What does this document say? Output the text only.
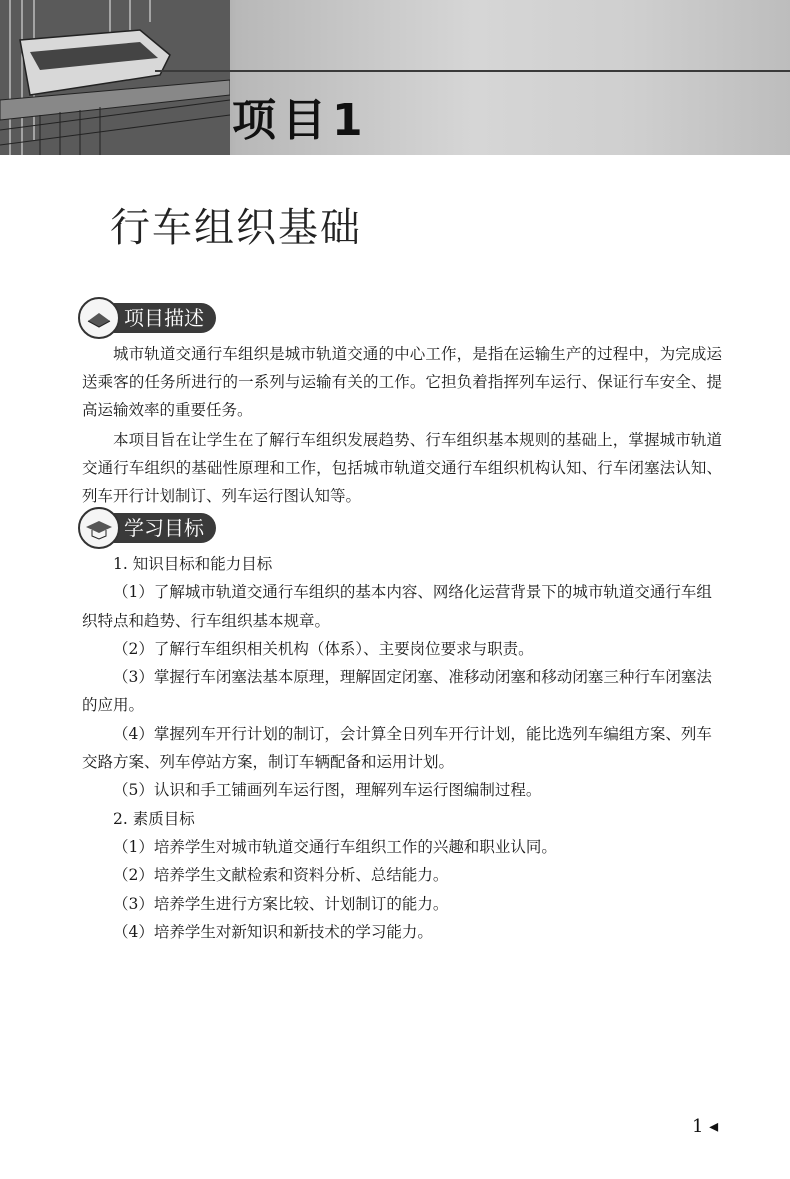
项目1
行车组织基础
项目描述

城市轨道交通行车组织是城市轨道交通的中心工作，是指在运输生产的过程中，为完成运送乘客的任务所进行的一系列与运输有关的工作。它担负着指挥列车运行、保证行车安全、提高运输效率的重要任务。

本项目旨在让学生在了解行车组织发展趋势、行车组织基本规则的基础上，掌握城市轨道交通行车组织的基础性原理和工作，包括城市轨道交通行车组织机构认知、行车闭塞法认知、列车开行计划制订、列车运行图认知等。

学习目标
1. 知识目标和能力目标
（1）了解城市轨道交通行车组织的基本内容、网络化运营背景下的城市轨道交通行车组织特点和趋势、行车组织基本规章。
（2）了解行车组织相关机构（体系）、主要岗位要求与职责。
（3）掌握行车闭塞法基本原理，理解固定闭塞、准移动闭塞和移动闭塞三种行车闭塞法的应用。
（4）掌握列车开行计划的制订，会计算全日列车开行计划，能比选列车编组方案、列车交路方案、列车停站方案，制订车辆配备和运用计划。
（5）认识和手工铺画列车运行图，理解列车运行图编制过程。
2. 素质目标
（1）培养学生对城市轨道交通行车组织工作的兴趣和职业认同。
（2）培养学生文献检索和资料分析、总结能力。
（3）培养学生进行方案比较、计划制订的能力。
（4）培养学生对新知识和新技术的学习能力。
1 ◂
